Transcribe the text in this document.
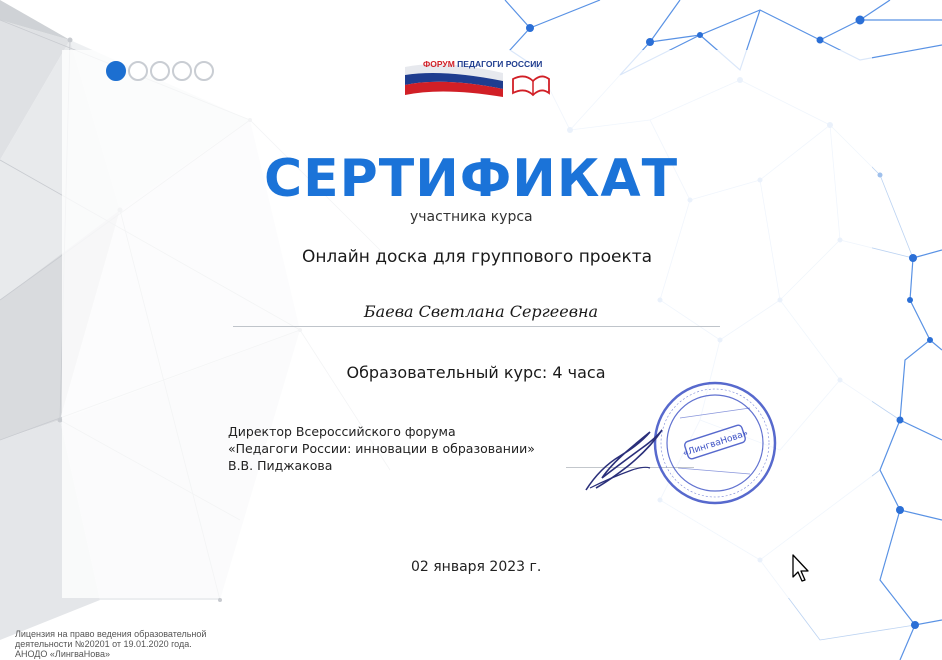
ФОРУМ ПЕДАГОГИ РОССИИ
СЕРТИФИКАТ
участника курса
Онлайн доска для группового проекта
Баева Светлана Сергеевна
Образовательный курс: 4 часа
Директор Всероссийского форума
«Педагоги России: инновации в образовании»
В.В. Пиджакова
«ЛингваНова»
02 января 2023 г.
Лицензия на право ведения образовательной
деятельности №20201 от 19.01.2020 года.
АНОДО «ЛингваНова»
